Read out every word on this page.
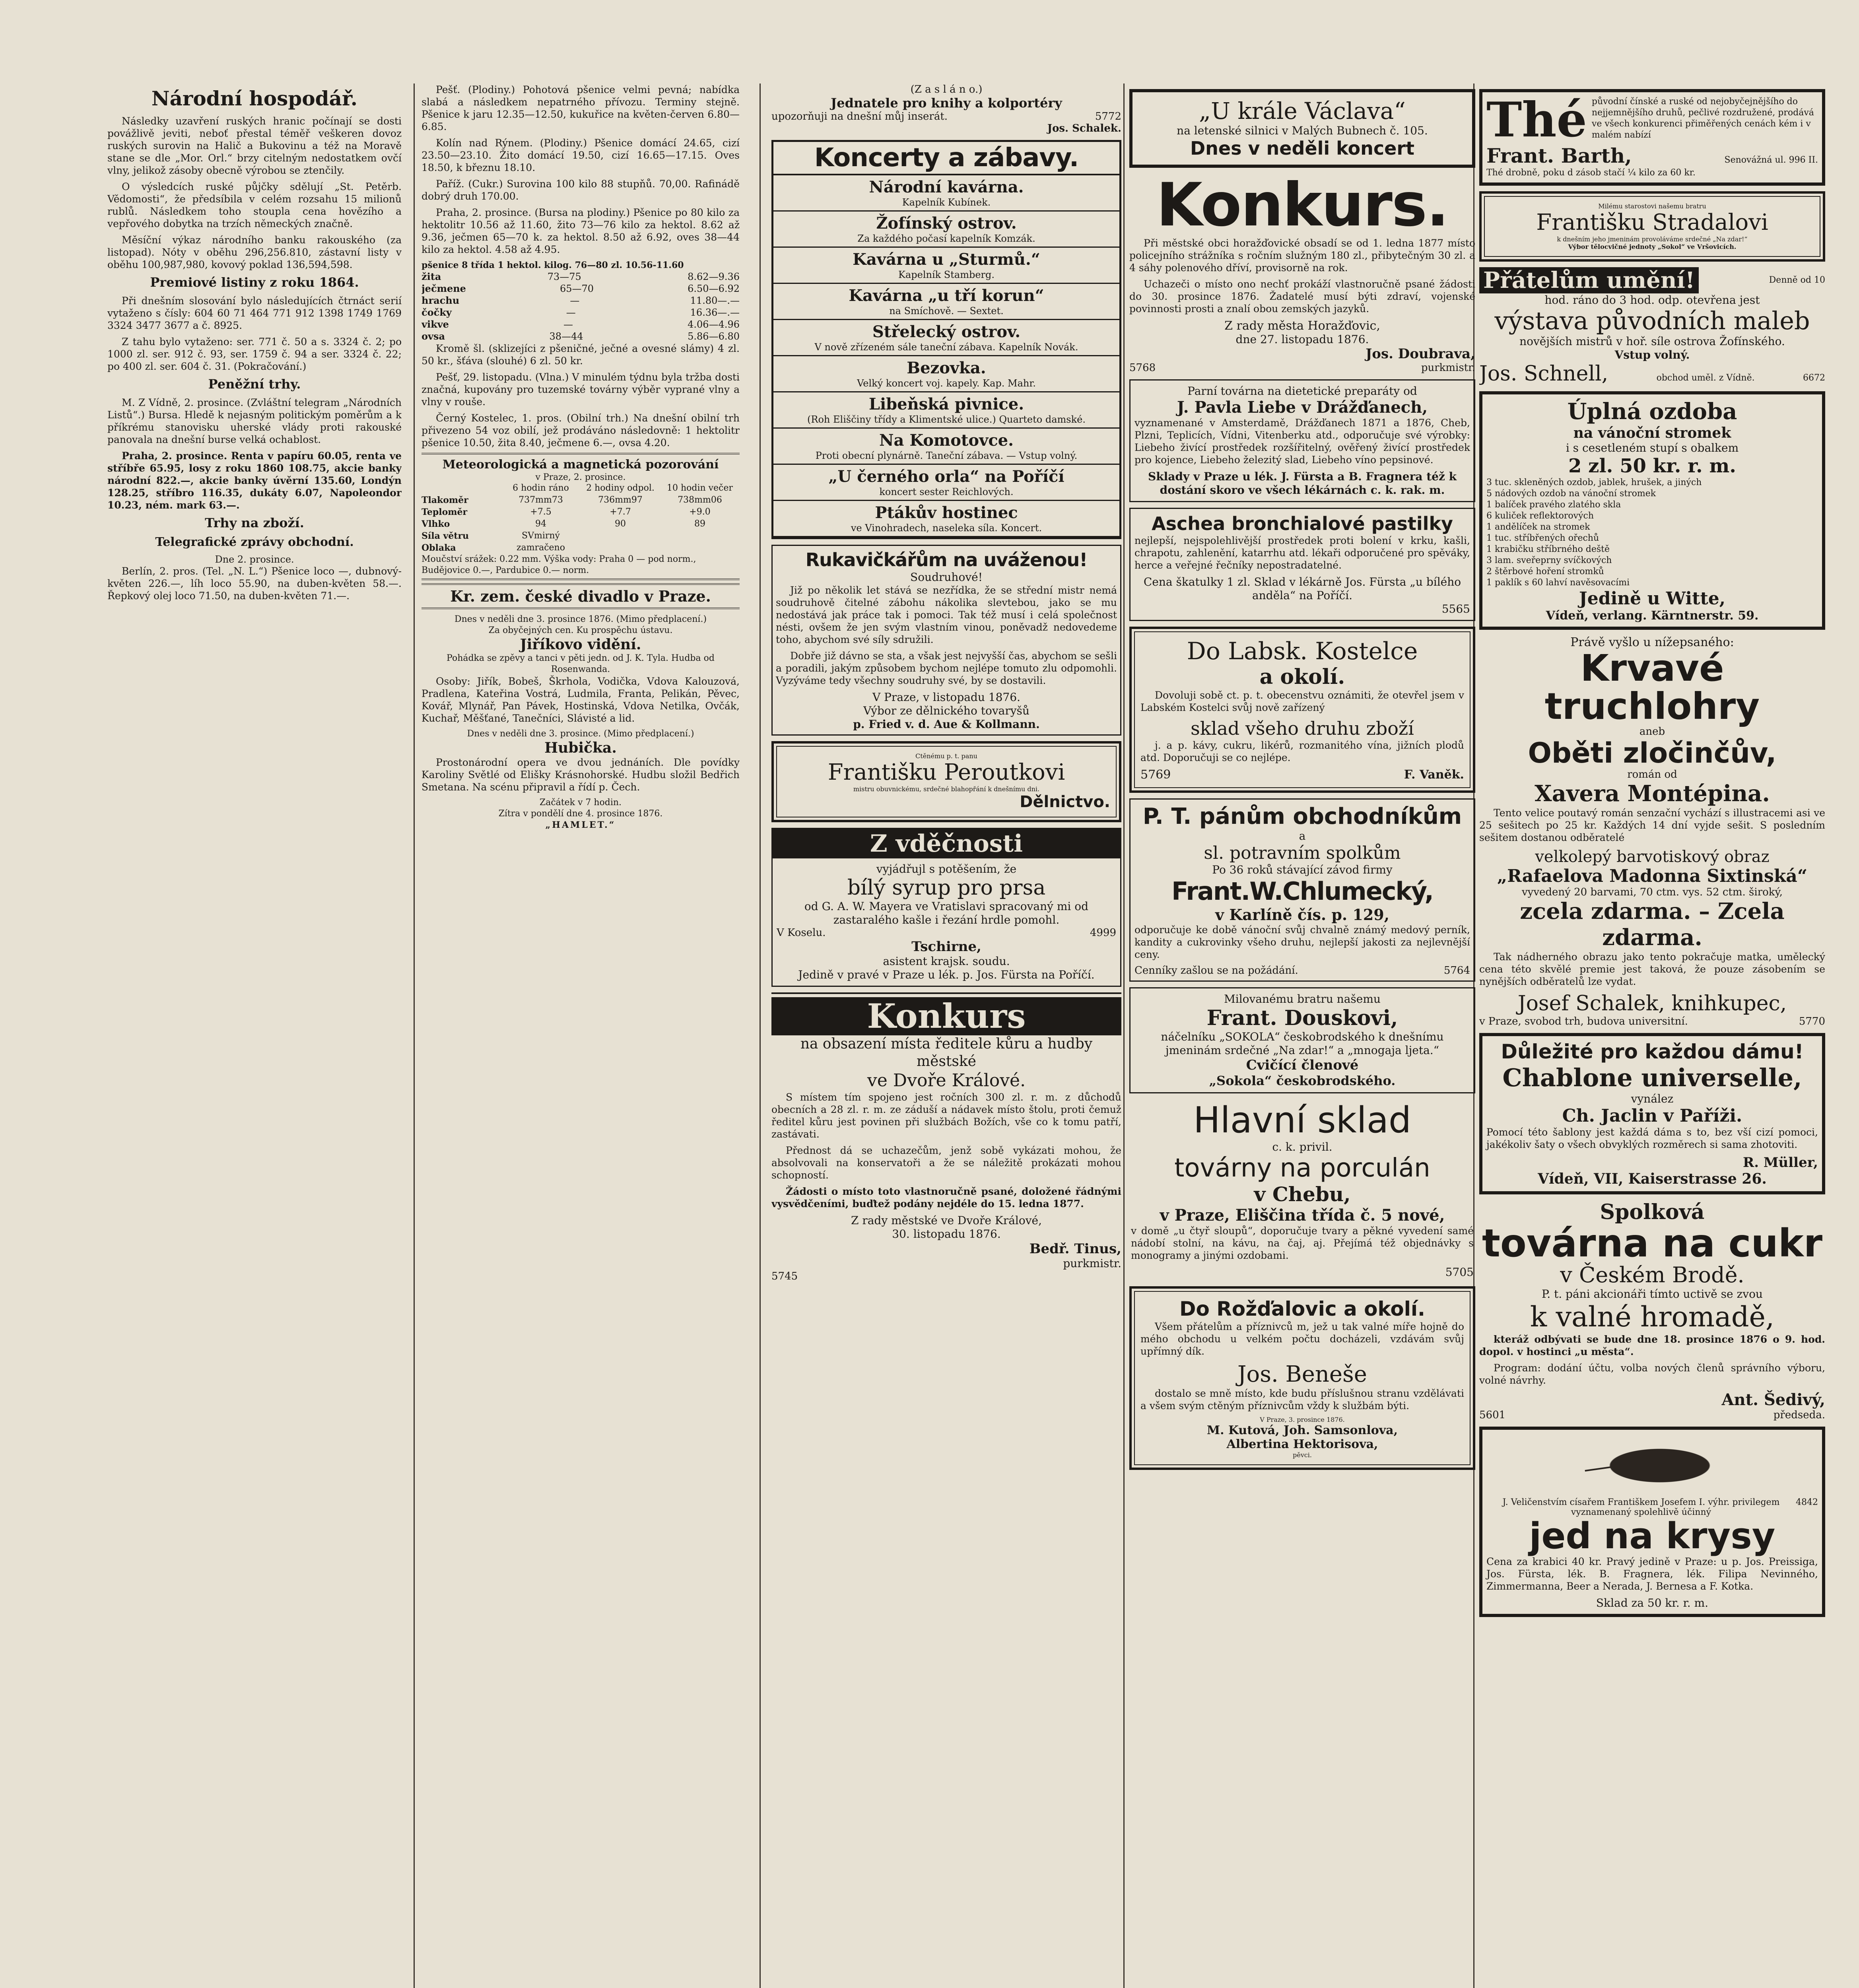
Národní hospodář.

Následky uzavření ruských hranic počínají se dosti povážlivě jeviti, neboť přestal téměř veškeren dovoz ruských surovin na Halič a Bukovinu a též na Moravě stane se dle „Mor. Orl.“ brzy citelným nedostatkem ovčí vlny, jelikož zásoby obecně výrobou se ztenčily.

O výsledcích ruské půjčky sdělují „St. Petěrb. Vědomosti“, že předsíbila v celém rozsahu 15 milionů rublů. Následkem toho stoupla cena hovězího a vepřového dobytka na trzích německých značně.

Měsíční výkaz národního banku rakouského (za listopad). Nóty v oběhu 296,256.810, zástavní listy v oběhu 100,987,980, kovový poklad 136,594,598.

Premiové listiny z roku 1864.

Při dnešním slosování bylo následujících čtrnáct serií vytaženo s čísly: 604 60 71 464 771 912 1398 1749 1769 3324 3477 3677 a č. 8925.

Z tahu bylo vytaženo: ser. 771 č. 50 a s. 3324 č. 2; po 1000 zl. ser. 912 č. 93, ser. 1759 č. 94 a ser. 3324 č. 22; po 400 zl. ser. 604 č. 31. (Pokračování.)

Peněžní trhy.

M. Z Vídně, 2. prosince. (Zvláštní telegram „Národních Listů“.) Bursa. Hledě k nejasným politickým poměrům a k příkrému stanovisku uherské vlády proti rakouské panovala na dnešní burse velká ochablost.

Praha, 2. prosince. Renta v papíru 60.05, renta ve stříbře 65.95, losy z roku 1860 108.75, akcie banky národní 822.—, akcie banky úvěrní 135.60, Londýn 128.25, stříbro 116.35, dukáty 6.07, Napoleondor 10.23, ném. mark 63.—.

Trhy na zboží.
Telegrafické zprávy obchodní.
Dne 2. prosince.

Berlín, 2. pros. (Tel. „N. L.“) Pšenice loco —, dubnový-květen 226.—, líh loco 55.90, na duben-květen 58.—. Řepkový olej loco 71.50, na duben-květen 71.—.

Pešť. (Plodiny.) Pohotová pšenice velmi pevná; nabídka slabá a následkem nepatrného přívozu. Terminy stejně. Pšenice k jaru 12.35—12.50, kukuřice na květen-červen 6.80—6.85.

Kolín nad Rýnem. (Plodiny.) Pšenice domácí 24.65, cizí 23.50—23.10. Žito domácí 19.50, cizí 16.65—17.15. Oves 18.50, k březnu 18.10.

Paříž. (Cukr.) Surovina 100 kilo 88 stupňů. 70,00. Rafinádě dobrý druh 170.00.

Praha, 2. prosince. (Bursa na plodiny.) Pšenice po 80 kilo za hektolitr 10.56 až 11.60, žito 73—76 kilo za hektol. 8.62 až 9.36, ječmen 65—70 k. za hektol. 8.50 až 6.92, oves 38—44 kilo za hektol. 4.58 až 4.95.

pšenice 8 třída 1 hektol. kilog. 76—80 zl. 10.56-11.60
žita	73—75	8.62—9.36
ječmene	65—70	6.50—6.92
hrachu	—	11.80—.—
čočky	—	16.36—.—
vikve	—	4.06—4.96
ovsa	38—44	5.86—6.80

Kromě šl. (sklizejíci z pšeničné, ječné a ovesné slámy) 4 zl. 50 kr., šťáva (slouhé) 6 zl. 50 kr.

Pešť, 29. listopadu. (Vlna.) V minulém týdnu byla tržba dosti značná, kupovány pro tuzemské továrny výběr vyprané vlny a vlny v rouše.

Černý Kostelec, 1. pros. (Obilní trh.) Na dnešní obilní trh přivezeno 54 voz obilí, jež prodáváno následovně: 1 hektolitr pšenice 10.50, žita 8.40, ječmene 6.—, ovsa 4.20.

Meteorologická a magnetická pozorování
v Praze, 2. prosince.
6 hodin ráno	2 hodiny odpol.	10 hodin večer
Tlakoměr	737mm73	736mm97	738mm06
Teploměr	+7.5	+7.7	+9.0
Vlhko	94	90	89
Síla větru	SVmirný
Oblaka	zamračeno
Moučství srážek: 0.22 mm. Výška vody: Praha 0 — pod norm., Budějovice 0.—, Pardubice 0.— norm.
Kr. zem. české divadlo v Praze.
Dnes v neděli dne 3. prosince 1876. (Mimo předplacení.)
Za obyčejných cen. Ku prospěchu ústavu.
Jiříkovo vidění.
Pohádka se zpěvy a tanci v pěti jedn. od J. K. Tyla. Hudba od Rosenwanda.

Osoby: Jiřík, Bobeš, Škrhola, Vodička, Vdova Kalouzová, Pradlena, Kateřina Vostrá, Ludmila, Franta, Pelikán, Pěvec, Kovář, Mlynář, Pan Pávek, Hostinská, Vdova Netilka, Ovčák, Kuchař, Měšťané, Tanečníci, Slávisté a lid.

Dnes v neděli dne 3. prosince. (Mimo předplacení.)
Hubička.

Prostonárodní opera ve dvou jednáních. Dle povídky Karoliny Světlé od Elišky Krásnohorské. Hudbu složil Bedřich Smetana. Na scénu připravil a řídí p. Čech.

Začátek v 7 hodin.
Zítra v pondělí dne 4. prosince 1876.
„HAMLET.“
(Z a s l á n o.)
Jednatele pro knihy a kolportéry
upozorňuji na dnešní můj inserát.	5772
Jos. Schalek.
Koncerty a zábavy.
Národní kavárna.
Kapelník Kubínek.
Žofínský ostrov.
Za každého počasí kapelník Komzák.
Kavárna u „Sturmů.“
Kapelník Stamberg.
Kavárna „u tří korun“
na Smíchově. — Sextet.
Střelecký ostrov.
V nově zřízeném sále taneční zábava. Kapelník Novák.
Bezovka.
Velký koncert voj. kapely. Kap. Mahr.
Libeňská pivnice.
(Roh Eliščiny třídy a Klimentské ulice.) Quarteto damské.
Na Komotovce.
Proti obecní plynárně. Taneční zábava. — Vstup volný.
„U černého orla“ na Poříčí
koncert sester Reichlových.
Ptákův hostinec
ve Vinohradech, naseleka síla. Koncert.
Rukavičkářům na uváženou!
Soudruhové!

Již po několik let stává se nezřídka, že se střední mistr nemá soudruhově čitelné zábohu nákolika slevtebou, jako se mu nedostává jak práce tak i pomoci. Tak též musí i celá společnost nésti, ovšem že jen svým vlastním vinou, poněvadž nedovedeme toho, abychom své síly sdružili.

Dobře již dávno se sta, a však jest nejvyšší čas, abychom se sešli a poradili, jakým způsobem bychom nejlépe tomuto zlu odpomohli. Vyzýváme tedy všechny soudruhy své, by se dostavili.

V Praze, v listopadu 1876.
Výbor ze dělnického tovaryšů
p. Fried v. d. Aue & Kollmann.
Ctěnému p. t. panu
Františku Peroutkovi
mistru obuvnickému, srdečné blahopřání k dnešnímu dni.
Dělnictvo.
Z vděčnosti
vyjádřujl s potěšením, že
bílý syrup pro prsa
od G. A. W. Mayera ve Vratislavi spracovaný mi od zastaralého kašle i řezání hrdle pomohl.
V Koselu.	4999
Tschirne,
asistent krajsk. soudu.
Jedině v pravé v Praze u lék. p. Jos. Fürsta na Poříčí.
Konkurs
na obsazení místa ředitele kůru a hudby městské
ve Dvoře Králové.

S místem tím spojeno jest ročních 300 zl. r. m. z důchodů obecních a 28 zl. r. m. ze záduší a nádavek místo štolu, proti čemuž ředitel kůru jest povinen při službách Božích, vše co k tomu patří, zastávati.

Přednost dá se uchazečům, jenž sobě vykázati mohou, že absolvovali na konservatoři a že se náležitě prokázati mohou schopností.

Žádosti o místo toto vlastnoručně psané, doložené řádnými vysvědčeními, buďtež podány nejdéle do 15. ledna 1877.

Z rady městské ve Dvoře Králové,
30. listopadu 1876.
Bedř. Tinus,
purkmistr.
5745
„U krále Václava“
na letenské silnici v Malých Bubnech č. 105.
Dnes v neděli koncert
Konkurs.

Při městské obci horažďovické obsadí se od 1. ledna 1877 místo policejního strážníka s ročním služným 180 zl., přibytečným 30 zl. a 4 sáhy polenového dříví, provisorně na rok.

Uchazeči o místo ono nechť prokáží vlastnoručně psané žádosti do 30. prosince 1876. Žadatelé musí býti zdraví, vojenské povinnosti prosti a znalí obou zemských jazyků.

Z rady města Horažďovic,
dne 27. listopadu 1876.
Jos. Doubrava,
5768	purkmistr.
Parní továrna na dietetické preparáty od
J. Pavla Liebe v Drážďanech,

vyznamenané v Amsterdamě, Drážďanech 1871 a 1876, Cheb, Plzni, Teplicích, Vídni, Vitenberku atd., odporučuje své výrobky: Liebeho živící prostředek rozšířitelný, ověřený živící prostředek pro kojence, Liebeho železitý slad, Liebeho víno pepsinové.

Sklady v Praze u lék. J. Fürsta a B. Fragnera též k dostání skoro ve všech lékárnách c. k. rak. m.
Aschea bronchialové pastilky

nejlepší, nejspolehlivější prostředek proti bolení v krku, kašli, chrapotu, zahlenění, katarrhu atd. lékaři odporučené pro spěváky, herce a veřejné řečníky nepostradatelné.

Cena škatulky 1 zl. Sklad v lékárně Jos. Fürsta „u bílého anděla“ na Poříčí.
5565
Do Labsk. Kostelce
a okolí.

Dovoluji sobě ct. p. t. obecenstvu oznámiti, že otevřel jsem v Labském Kostelci svůj nově zařízený

sklad všeho druhu zboží

j. a p. kávy, cukru, likérů, rozmanitého vína, jižních plodů atd. Doporučuji se co nejlépe.

5769	F. Vaněk.
P. T. pánům obchodníkům
a
sl. potravním spolkům
Po 36 roků stávající závod firmy
Frant.W.Chlumecký,
v Karlíně čís. p. 129,

odporučuje ke době vánoční svůj chvalně známý medový perník, kandity a cukrovinky všeho druhu, nejlepší jakosti za nejlevnější ceny.

Cenníky zašlou se na požádání.	5764
Milovanému bratru našemu
Frant. Douskovi,
náčelníku „SOKOLA“ českobrodského k dnešnímu jmeninám srdečné „Na zdar!“ a „mnogaja ljeta.“
Cvičící členové
„Sokola“ českobrodského.
Hlavní sklad
c. k. privil.
továrny na porculán
v Chebu,
v Praze, Eliščina třída č. 5 nové,

v domě „u čtyř sloupů“, doporučuje tvary a pěkné vyvedení samé nádobí stolní, na kávu, na čaj, aj. Přejímá též objednávky s monogramy a jinými ozdobami.

5705
Do Rožďalovic a okolí.

Všem přátelům a příznivců m, jež u tak valné míře hojně do mého obchodu u velkém počtu docházeli, vzdávám svůj upřímný dík.

Jos. Beneše

dostalo se mně místo, kde budu příslušnou stranu vzdělávati a všem svým ctěným příznivcům vždy k službám býti.

V Praze, 3. prosince 1876.
M. Kutová, Joh. Samsonlova,
Albertina Hektorisova,
pěvci.
Thé původní čínské a ruské od nejobyčejnějšího do nejjemnějšího druhů, pečlivé rozdružené, prodává ve všech konkurenci přiměřených cenách kém i v malém nabízí
Frant. Barth,	Senovážná ul. 996 II.
Thé drobně, poku d zásob stačí ¼ kilo za 60 kr.
Milému starostovi našemu bratru
Františku Stradalovi
k dnešním jeho jmeninám provoláváme srdečné „Na zdar!“
Výbor tělocvičné jednoty „Sokol“ ve Vršovicích.
Přátelům umění!	Denně od 10
hod. ráno do 3 hod. odp. otevřena jest
výstava původních maleb
novějších mistrů v hoř. síle ostrova Žofínského.
Vstup volný.
Jos. Schnell,	obchod uměl. z Vídně.	6672
Úplná ozdoba
na vánoční stromek
i s cesetleném stupí s obalkem
2 zl. 50 kr. r. m.
3 tuc. skleněných ozdob, jablek, hrušek, a jiných
5 nádových ozdob na vánoční stromek
1 balíček pravého zlatého skla
6 kuliček reflektorových
1 andělíček na stromek
1 tuc. stříbřených ořechů
1 krabičku stříbrného deště
3 lam. sveřeprny svíčkových
2 štěrbové hoření stromků
1 paklík s 60 lahví navěsovacími
Jedině u Witte,
Vídeň, verlang. Kärntnerstr. 59.
Právě vyšlo u nížepsaného:
Krvavé truchlohry
aneb
Oběti zločinčův,
román od
Xavera Montépina.

Tento velice poutavý román senzační vychází s illustracemi asi ve 25 sešitech po 25 kr. Každých 14 dní vyjde sešit. S posledním sešitem dostanou odběratelé

velkolepý barvotiskový obraz
„Rafaelova Madonna Sixtinská“
vyvedený 20 barvami, 70 ctm. vys. 52 ctm. široký,
zcela zdarma. – Zcela zdarma.

Tak nádherného obrazu jako tento pokračuje matka, umělecký cena této skvělé premie jest taková, že pouze zásobením se nynějších odběratelů lze vydat.

Josef Schalek, knihkupec,
v Praze, svobod trh, budova universitní.	5770
Důležité pro každou dámu!
Chablone universelle,
vynález
Ch. Jaclin v Paříži.

Pomocí této šablony jest každá dáma s to, bez vší cizí pomoci, jakékoliv šaty o všech obvyklých rozměrech si sama zhotoviti.

R. Müller,
Vídeň, VII, Kaiserstrasse 26.
Spolková
továrna na cukr
v Českém Brodě.
P. t. páni akcionáři tímto uctivě se zvou
k valné hromadě,

kteráž odbývati se bude dne 18. prosince 1876 o 9. hod. dopol. v hostinci „u města“.

Program: dodání účtu, volba nových členů správního výboru, volné návrhy.

Ant. Šedivý,
5601	předseda.
J. Veličenstvím císařem Františkem Josefem I. výhr. privilegem vyznamenaný spolehlivě účinný
4842
jed na krysy

Cena za krabici 40 kr. Pravý jedině v Praze: u p. Jos. Preissiga, Jos. Fürsta, lék. B. Fragnera, lék. Filipa Nevinného, Zimmermanna, Beer a Nerada, J. Bernesa a F. Kotka.

Sklad za 50 kr. r. m.
